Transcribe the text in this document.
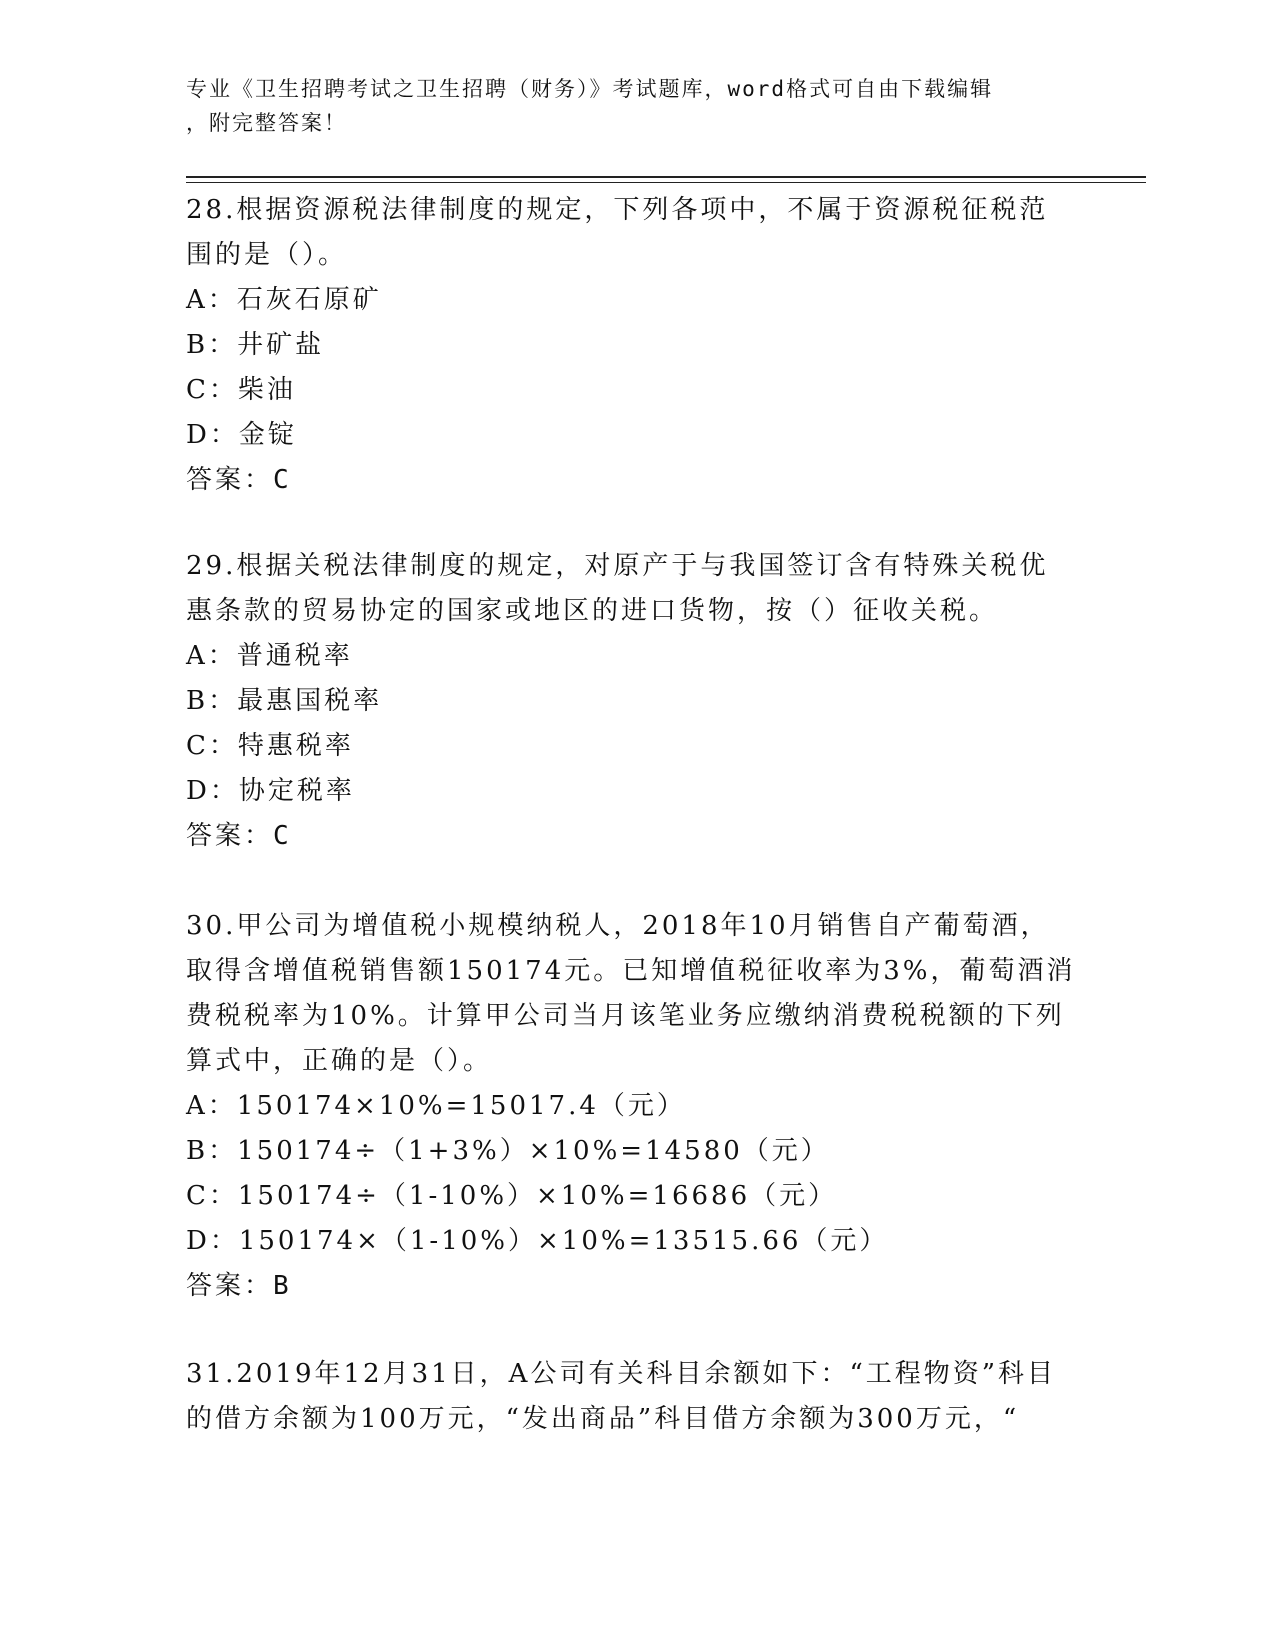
专业《卫生招聘考试之卫生招聘（财务）》考试题库，word格式可自由下载编辑
，附完整答案！
28.根据资源税法律制度的规定，下列各项中，不属于资源税征税范围的是（）。
A：石灰石原矿
B：井矿盐
C：柴油
D：金锭
答案：C
29.根据关税法律制度的规定，对原产于与我国签订含有特殊关税优惠条款的贸易协定的国家或地区的进口货物，按（）征收关税。
A：普通税率
B：最惠国税率
C：特惠税率
D：协定税率
答案：C
30.甲公司为增值税小规模纳税人，2018年10月销售自产葡萄酒，取得含增值税销售额150174元。已知增值税征收率为3%，葡萄酒消费税税率为10%。计算甲公司当月该笔业务应缴纳消费税税额的下列算式中，正确的是（）。
A：150174×10%=15017.4（元）
B：150174÷（1+3%）×10%=14580（元）
C：150174÷（1-10%）×10%=16686（元）
D：150174×（1-10%）×10%=13515.66（元）
答案：B
31.2019年12月31日，A公司有关科目余额如下：“工程物资”科目的借方余额为100万元，“发出商品”科目借方余额为300万元，“
